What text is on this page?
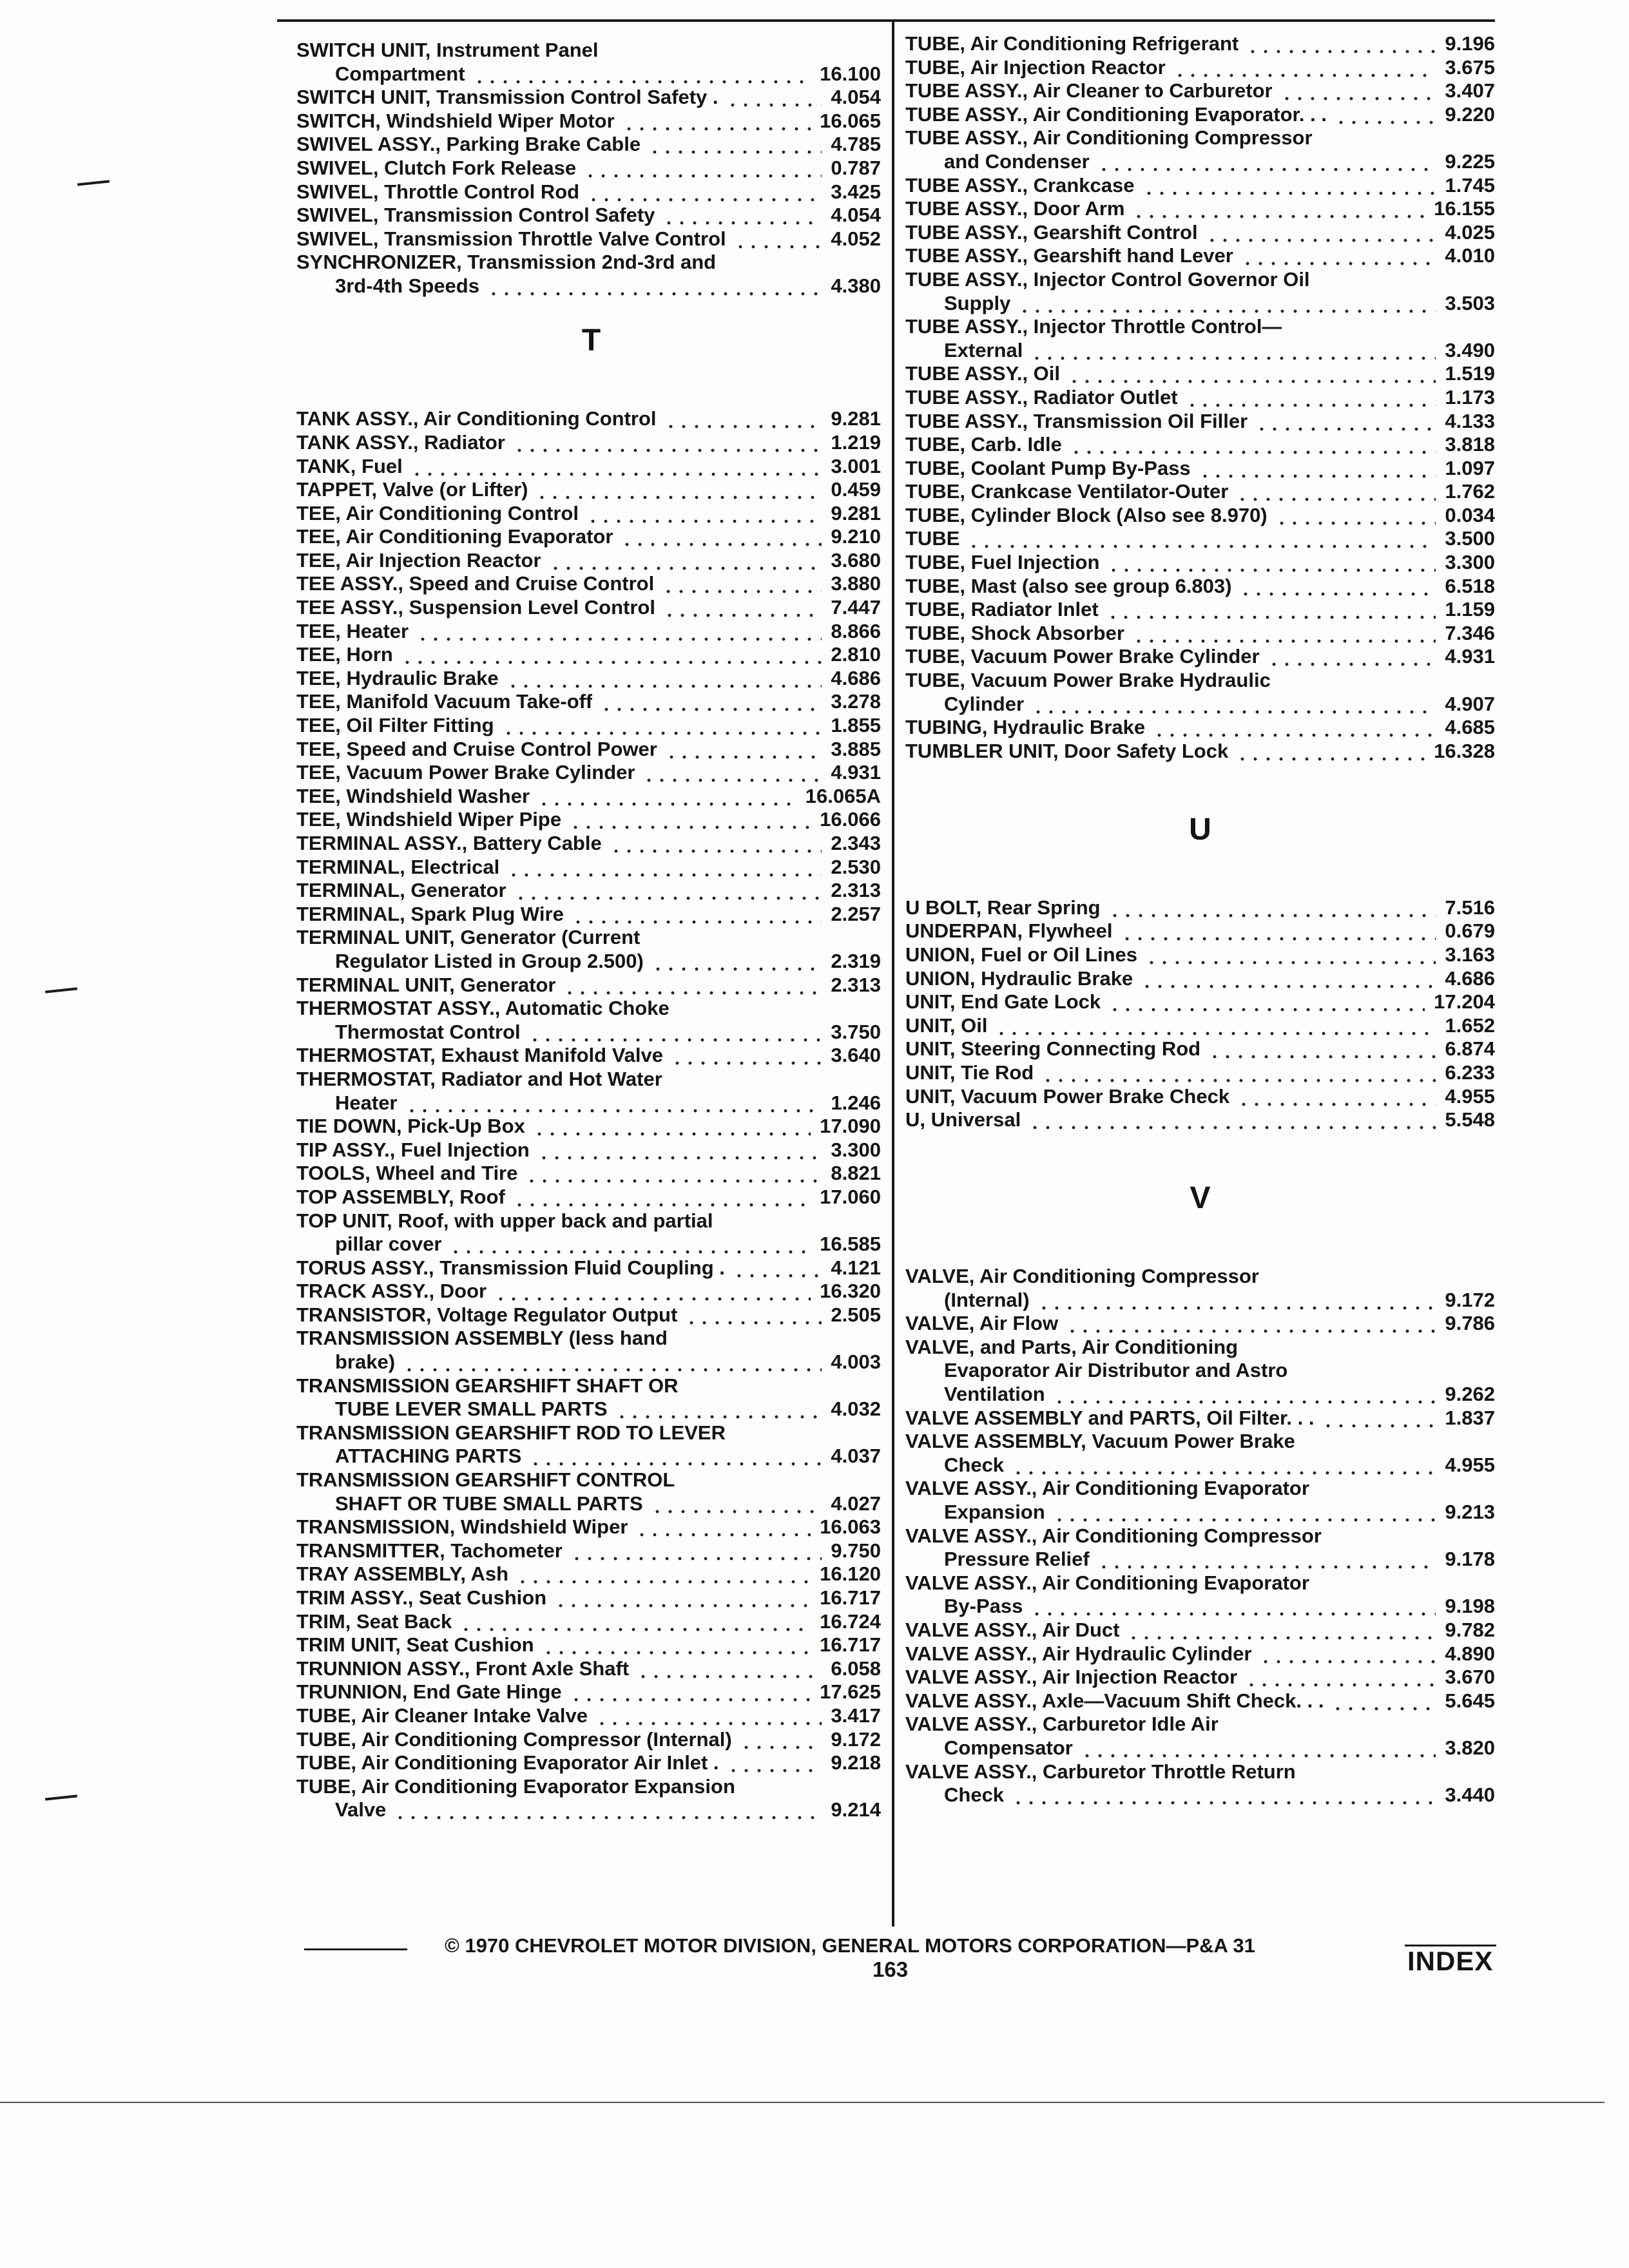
SWITCH UNIT, Instrument Panel
Compartment	16.100
SWITCH UNIT, Transmission Control Safety .	4.054
SWITCH, Windshield Wiper Motor	16.065
SWIVEL ASSY., Parking Brake Cable	4.785
SWIVEL, Clutch Fork Release	0.787
SWIVEL, Throttle Control Rod	3.425
SWIVEL, Transmission Control Safety	4.054
SWIVEL, Transmission Throttle Valve Control	4.052
SYNCHRONIZER, Transmission 2nd-3rd and
3rd-4th Speeds	4.380
T
TANK ASSY., Air Conditioning Control	9.281
TANK ASSY., Radiator	1.219
TANK, Fuel	3.001
TAPPET, Valve (or Lifter)	0.459
TEE, Air Conditioning Control	9.281
TEE, Air Conditioning Evaporator	9.210
TEE, Air Injection Reactor	3.680
TEE ASSY., Speed and Cruise Control	3.880
TEE ASSY., Suspension Level Control	7.447
TEE, Heater	8.866
TEE, Horn	2.810
TEE, Hydraulic Brake	4.686
TEE, Manifold Vacuum Take-off	3.278
TEE, Oil Filter Fitting	1.855
TEE, Speed and Cruise Control Power	3.885
TEE, Vacuum Power Brake Cylinder	4.931
TEE, Windshield Washer	16.065A
TEE, Windshield Wiper Pipe	16.066
TERMINAL ASSY., Battery Cable	2.343
TERMINAL, Electrical	2.530
TERMINAL, Generator	2.313
TERMINAL, Spark Plug Wire	2.257
TERMINAL UNIT, Generator (Current
Regulator Listed in Group 2.500)	2.319
TERMINAL UNIT, Generator	2.313
THERMOSTAT ASSY., Automatic Choke
Thermostat Control	3.750
THERMOSTAT, Exhaust Manifold Valve	3.640
THERMOSTAT, Radiator and Hot Water
Heater	1.246
TIE DOWN, Pick-Up Box	17.090
TIP ASSY., Fuel Injection	3.300
TOOLS, Wheel and Tire	8.821
TOP ASSEMBLY, Roof	17.060
TOP UNIT, Roof, with upper back and partial
pillar cover	16.585
TORUS ASSY., Transmission Fluid Coupling .	4.121
TRACK ASSY., Door	16.320
TRANSISTOR, Voltage Regulator Output	2.505
TRANSMISSION ASSEMBLY (less hand
brake)	4.003
TRANSMISSION GEARSHIFT SHAFT OR
TUBE LEVER SMALL PARTS	4.032
TRANSMISSION GEARSHIFT ROD TO LEVER
ATTACHING PARTS	4.037
TRANSMISSION GEARSHIFT CONTROL
SHAFT OR TUBE SMALL PARTS	4.027
TRANSMISSION, Windshield Wiper	16.063
TRANSMITTER, Tachometer	9.750
TRAY ASSEMBLY, Ash	16.120
TRIM ASSY., Seat Cushion	16.717
TRIM, Seat Back	16.724
TRIM UNIT, Seat Cushion	16.717
TRUNNION ASSY., Front Axle Shaft	6.058
TRUNNION, End Gate Hinge	17.625
TUBE, Air Cleaner Intake Valve	3.417
TUBE, Air Conditioning Compressor (Internal)	9.172
TUBE, Air Conditioning Evaporator Air Inlet .	9.218
TUBE, Air Conditioning Evaporator Expansion
Valve	9.214
TUBE, Air Conditioning Refrigerant	9.196
TUBE, Air Injection Reactor	3.675
TUBE ASSY., Air Cleaner to Carburetor	3.407
TUBE ASSY., Air Conditioning Evaporator. . .	9.220
TUBE ASSY., Air Conditioning Compressor
and Condenser	9.225
TUBE ASSY., Crankcase	1.745
TUBE ASSY., Door Arm	16.155
TUBE ASSY., Gearshift Control	4.025
TUBE ASSY., Gearshift hand Lever	4.010
TUBE ASSY., Injector Control Governor Oil
Supply	3.503
TUBE ASSY., Injector Throttle Control—
External	3.490
TUBE ASSY., Oil	1.519
TUBE ASSY., Radiator Outlet	1.173
TUBE ASSY., Transmission Oil Filler	4.133
TUBE, Carb. Idle	3.818
TUBE, Coolant Pump By-Pass	1.097
TUBE, Crankcase Ventilator-Outer	1.762
TUBE, Cylinder Block (Also see 8.970)	0.034
TUBE	3.500
TUBE, Fuel Injection	3.300
TUBE, Mast (also see group 6.803)	6.518
TUBE, Radiator Inlet	1.159
TUBE, Shock Absorber	7.346
TUBE, Vacuum Power Brake Cylinder	4.931
TUBE, Vacuum Power Brake Hydraulic
Cylinder	4.907
TUBING, Hydraulic Brake	4.685
TUMBLER UNIT, Door Safety Lock	16.328
U
U BOLT, Rear Spring	7.516
UNDERPAN, Flywheel	0.679
UNION, Fuel or Oil Lines	3.163
UNION, Hydraulic Brake	4.686
UNIT, End Gate Lock	17.204
UNIT, Oil	1.652
UNIT, Steering Connecting Rod	6.874
UNIT, Tie Rod	6.233
UNIT, Vacuum Power Brake Check	4.955
U, Universal	5.548
V
VALVE, Air Conditioning Compressor
(Internal)	9.172
VALVE, Air Flow	9.786
VALVE, and Parts, Air Conditioning
Evaporator Air Distributor and Astro
Ventilation	9.262
VALVE ASSEMBLY and PARTS, Oil Filter. . .	1.837
VALVE ASSEMBLY, Vacuum Power Brake
Check	4.955
VALVE ASSY., Air Conditioning Evaporator
Expansion	9.213
VALVE ASSY., Air Conditioning Compressor
Pressure Relief	9.178
VALVE ASSY., Air Conditioning Evaporator
By-Pass	9.198
VALVE ASSY., Air Duct	9.782
VALVE ASSY., Air Hydraulic Cylinder	4.890
VALVE ASSY., Air Injection Reactor	3.670
VALVE ASSY., Axle—Vacuum Shift Check. . .	5.645
VALVE ASSY., Carburetor Idle Air
Compensator	3.820
VALVE ASSY., Carburetor Throttle Return
Check	3.440
© 1970 CHEVROLET MOTOR DIVISION, GENERAL MOTORS CORPORATION—P&A 31
163	INDEX
